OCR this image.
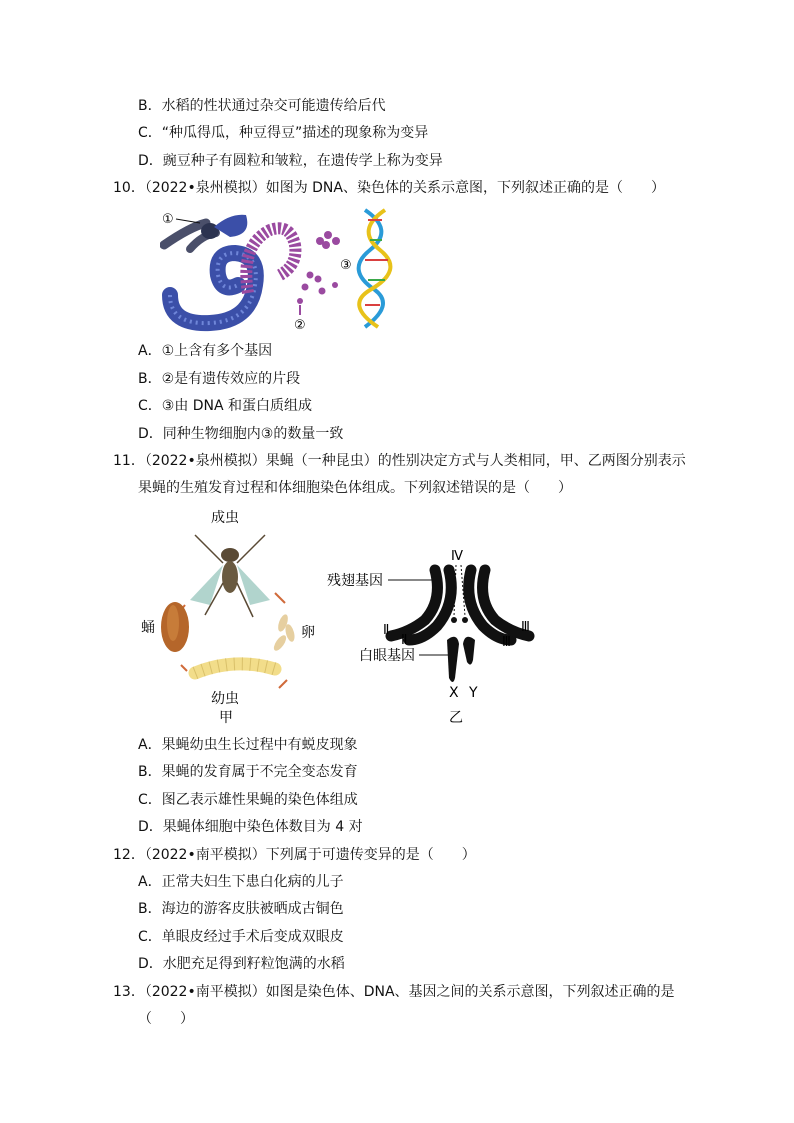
B．水稻的性状通过杂交可能遗传给后代
C．“种瓜得瓜，种豆得豆”描述的现象称为变异
D．豌豆种子有圆粒和皱粒，在遗传学上称为变异
10．（2022•泉州模拟）如图为 DNA、染色体的关系示意图，下列叙述正确的是（　　）
①
③
②
A．①上含有多个基因
B．②是有遗传效应的片段
C．③由 DNA 和蛋白质组成
D．同种生物细胞内③的数量一致
11．（2022•泉州模拟）果蝇（一种昆虫）的性别决定方式与人类相同，甲、乙两图分别表示
果蝇的生殖发育过程和体细胞染色体组成。下列叙述错误的是（　　）
成虫
蛹	卵
幼虫
甲
Ⅳ
残翅基因
Ⅱ
Ⅱ
Ⅲ
Ⅲ
白眼基因
X Y
乙
A．果蝇幼虫生长过程中有蜕皮现象
B．果蝇的发育属于不完全变态发育
C．图乙表示雄性果蝇的染色体组成
D．果蝇体细胞中染色体数目为 4 对
12．（2022•南平模拟）下列属于可遗传变异的是（　　）
A．正常夫妇生下患白化病的儿子
B．海边的游客皮肤被晒成古铜色
C．单眼皮经过手术后变成双眼皮
D．水肥充足得到籽粒饱满的水稻
13．（2022•南平模拟）如图是染色体、DNA、基因之间的关系示意图，下列叙述正确的是
（　　）
